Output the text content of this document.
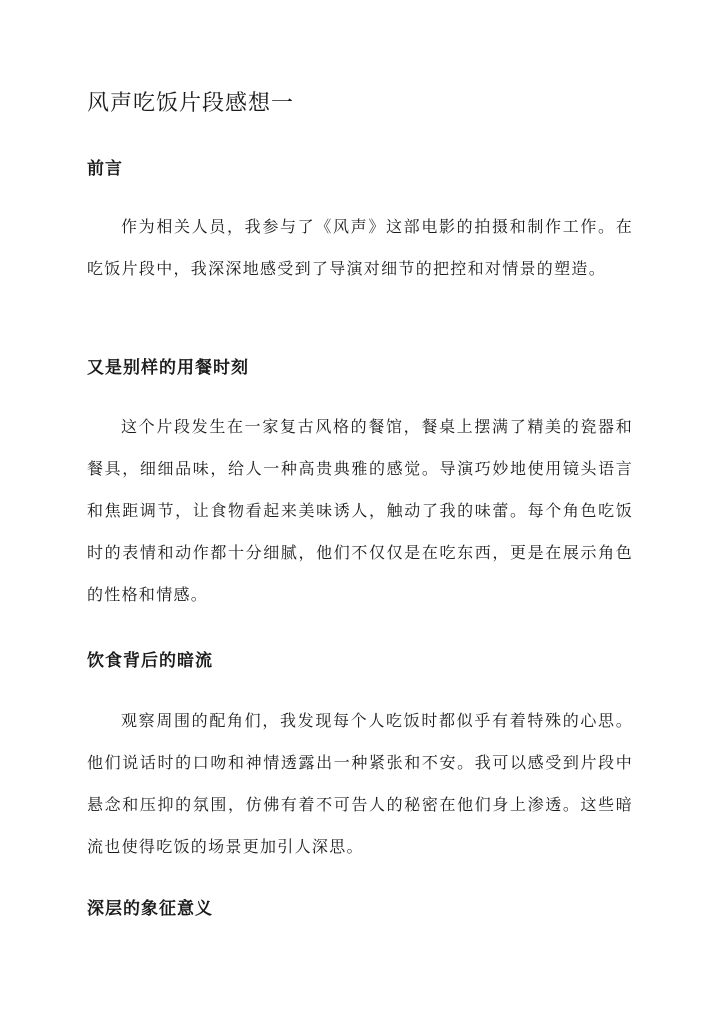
风声吃饭片段感想一
前言

作为相关人员，我参与了《风声》这部电影的拍摄和制作工作。在吃饭片段中，我深深地感受到了导演对细节的把控和对情景的塑造。

又是别样的用餐时刻

这个片段发生在一家复古风格的餐馆，餐桌上摆满了精美的瓷器和餐具，细细品味，给人一种高贵典雅的感觉。导演巧妙地使用镜头语言和焦距调节，让食物看起来美味诱人，触动了我的味蕾。每个角色吃饭时的表情和动作都十分细腻，他们不仅仅是在吃东西，更是在展示角色的性格和情感。

饮食背后的暗流

观察周围的配角们，我发现每个人吃饭时都似乎有着特殊的心思。他们说话时的口吻和神情透露出一种紧张和不安。我可以感受到片段中悬念和压抑的氛围，仿佛有着不可告人的秘密在他们身上渗透。这些暗流也使得吃饭的场景更加引人深思。

深层的象征意义
